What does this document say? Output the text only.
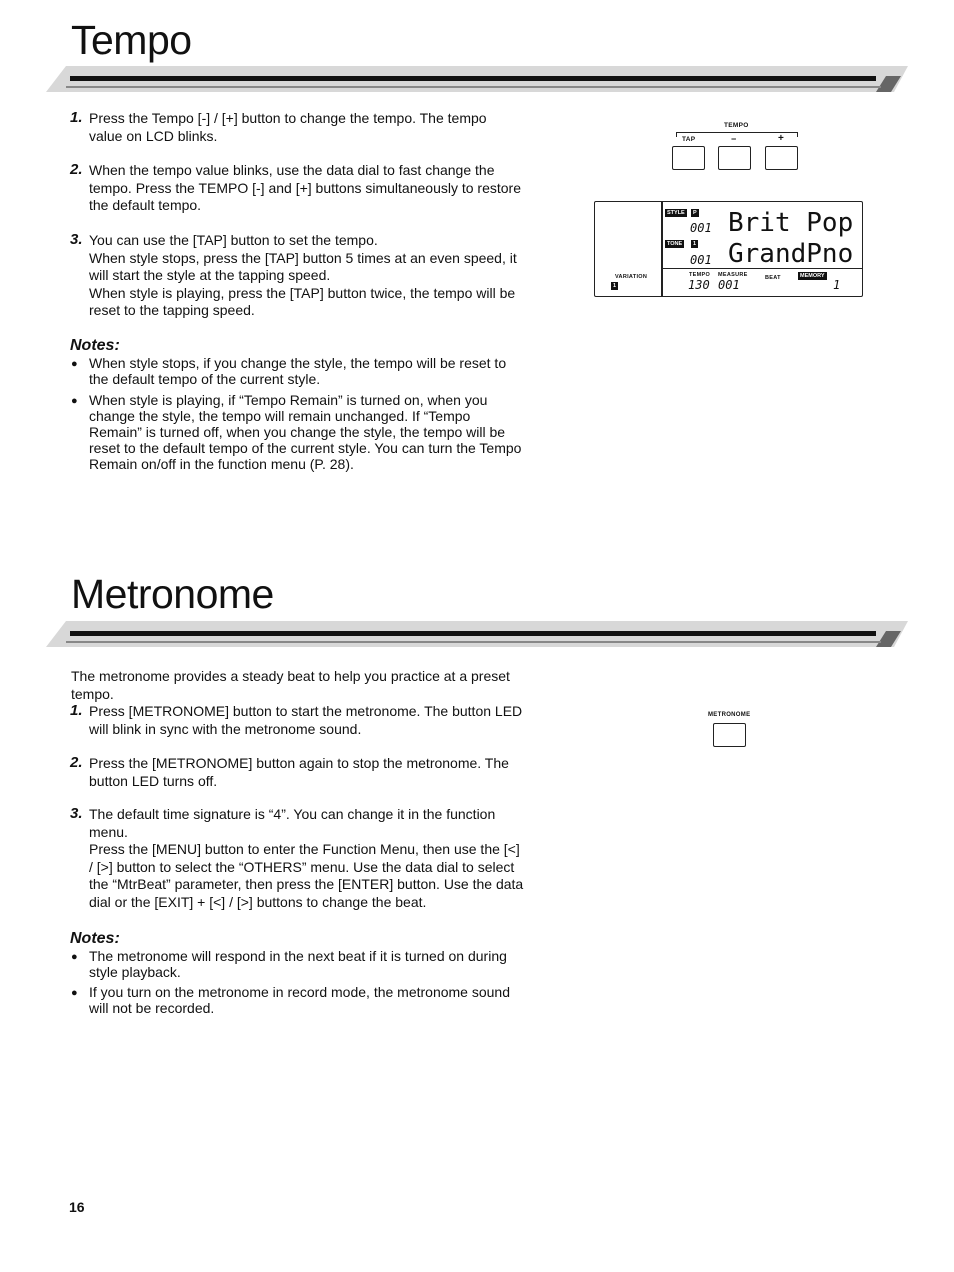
Tempo
1. Press the Tempo [-] / [+] button to change the tempo. The tempo
value on LCD blinks.
2. When the tempo value blinks, use the data dial to fast change the
tempo. Press the TEMPO [-] and [+] buttons simultaneously to restore
the default tempo.
3. You can use the [TAP] button to set the tempo.
When style stops, press the [TAP] button 5 times at an even speed, it
will start the style at the tapping speed.
When style is playing, press the [TAP] button twice, the tempo will be
reset to the tapping speed.
Notes:
● When style stops, if you change the style, the tempo will be reset to
the default tempo of the current style.
● When style is playing, if “Tempo Remain” is turned on, when you
change the style, the tempo will remain unchanged. If “Tempo
Remain” is turned off, when you change the style, the tempo will be
reset to the default tempo of the current style. You can turn the Tempo
Remain on/off in the function menu (P. 28).
TEMPO
TAP	−	+
STYLE	P
001 Brit Pop
TONE	1
001 GrandPno
VARIATION
1
TEMPO MEASURE	BEAT	MEMORY
130 001	1
Metronome
The metronome provides a steady beat to help you practice at a preset
tempo.
1. Press [METRONOME] button to start the metronome. The button LED
will blink in sync with the metronome sound.
2. Press the [METRONOME] button again to stop the metronome. The
button LED turns off.
3. The default time signature is “4”. You can change it in the function
menu.
Press the [MENU] button to enter the Function Menu, then use the [<]
/ [>] button to select the “OTHERS” menu. Use the data dial to select
the “MtrBeat” parameter, then press the [ENTER] button. Use the data
dial or the [EXIT] + [<] / [>] buttons to change the beat.
Notes:
● The metronome will respond in the next beat if it is turned on during
style playback.
● If you turn on the metronome in record mode, the metronome sound
will not be recorded.
METRONOME
16
